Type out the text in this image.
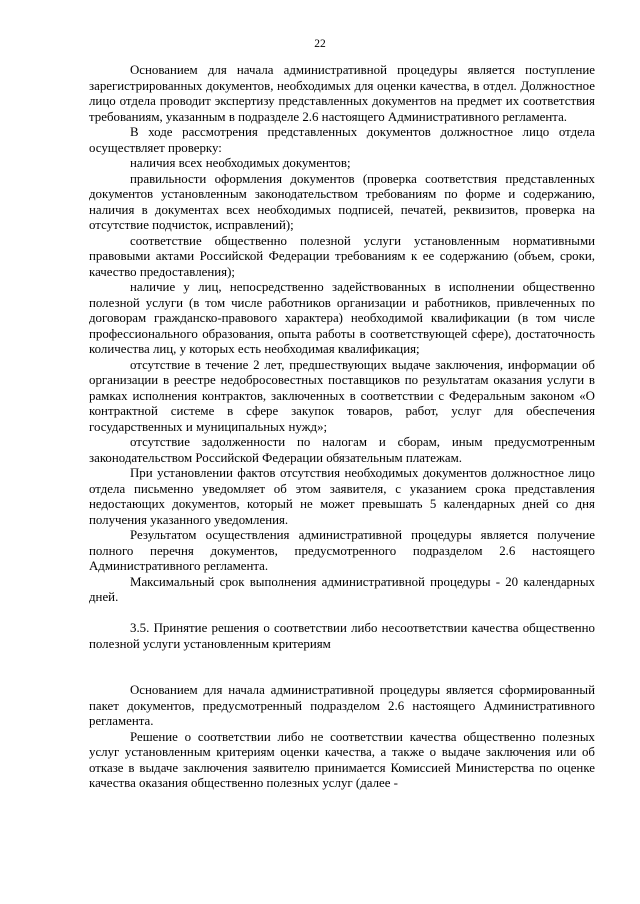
22

Основанием для начала административной процедуры является поступление зарегистрированных документов, необходимых для оценки качества, в отдел. Должностное лицо отдела проводит экспертизу представленных документов на предмет их соответствия требованиям, указанным в подразделе 2.6 настоящего Административного регламента.

В ходе рассмотрения представленных документов должностное лицо отдела осуществляет проверку:

наличия всех необходимых документов;

правильности оформления документов (проверка соответствия представленных документов установленным законодательством требованиям по форме и содержанию, наличия в документах всех необходимых подписей, печатей, реквизитов, проверка на отсутствие подчисток, исправлений);

соответствие общественно полезной услуги установленным нормативными правовыми актами Российской Федерации требованиям к ее содержанию (объем, сроки, качество предоставления);

наличие у лиц, непосредственно задействованных в исполнении общественно полезной услуги (в том числе работников организации и работников, привлеченных по договорам гражданско-правового характера) необходимой квалификации (в том числе профессионального образования, опыта работы в соответствующей сфере), достаточность количества лиц, у которых есть необходимая квалификация;

отсутствие в течение 2 лет, предшествующих выдаче заключения, информации об организации в реестре недобросовестных поставщиков по результатам оказания услуги в рамках исполнения контрактов, заключенных в соответствии с Федеральным законом «О контрактной системе в сфере закупок товаров, работ, услуг для обеспечения государственных и муниципальных нужд»;

отсутствие задолженности по налогам и сборам, иным предусмотренным законодательством Российской Федерации обязательным платежам.

При установлении фактов отсутствия необходимых документов должностное лицо отдела письменно уведомляет об этом заявителя, с указанием срока представления недостающих документов, который не может превышать 5 календарных дней со дня получения указанного уведомления.

Результатом осуществления административной процедуры является получение полного перечня документов, предусмотренного подразделом 2.6 настоящего Административного регламента.

Максимальный срок выполнения административной процедуры - 20 календарных дней.

3.5. Принятие решения о соответствии либо несоответствии качества общественно полезной услуги установленным критериям

Основанием для начала административной процедуры является сформированный пакет документов, предусмотренный подразделом 2.6 настоящего Административного регламента.

Решение о соответствии либо не соответствии качества общественно полезных услуг установленным критериям оценки качества, а также о выдаче заключения или об отказе в выдаче заключения заявителю принимается Комиссией Министерства по оценке качества оказания общественно полезных услуг (далее -
